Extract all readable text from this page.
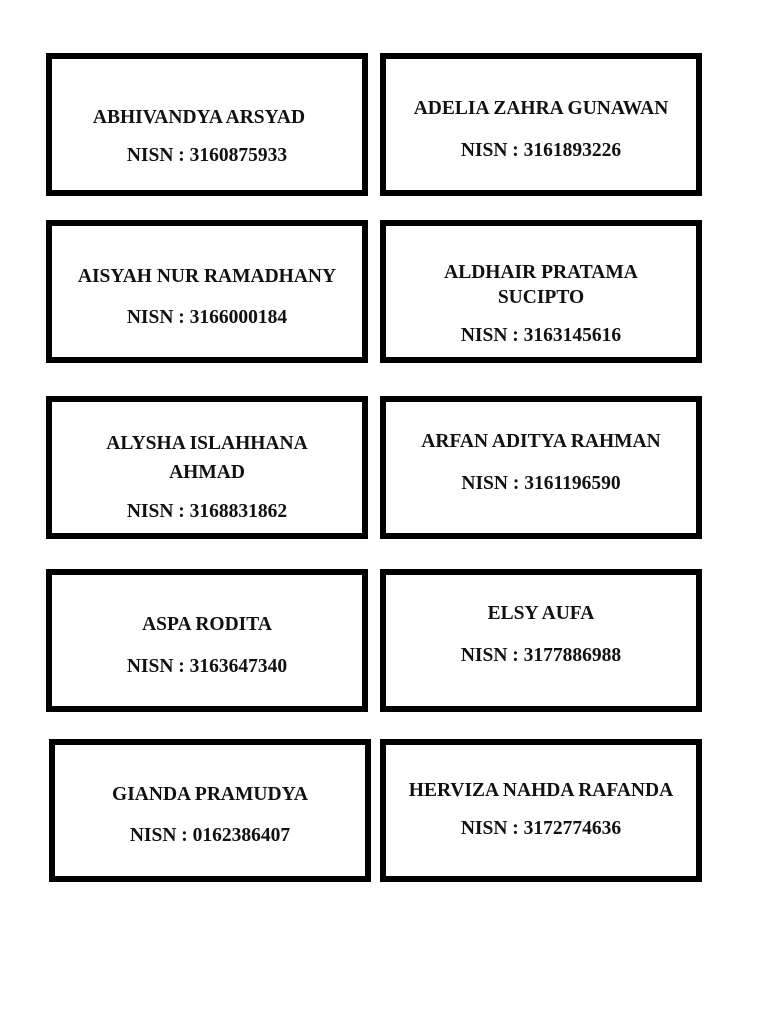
ABHIVANDYA ARSYAD
NISN : 3160875933
ADELIA ZAHRA GUNAWAN
NISN : 3161893226
AISYAH NUR RAMADHANY
NISN : 3166000184
ALDHAIR PRATAMA SUCIPTO
NISN : 3163145616
ALYSHA ISLAHHANA AHMAD
NISN : 3168831862
ARFAN ADITYA RAHMAN
NISN : 3161196590
ASPA RODITA
NISN : 3163647340
ELSY AUFA
NISN : 3177886988
GIANDA PRAMUDYA
NISN : 0162386407
HERVIZA NAHDA RAFANDA
NISN : 3172774636
